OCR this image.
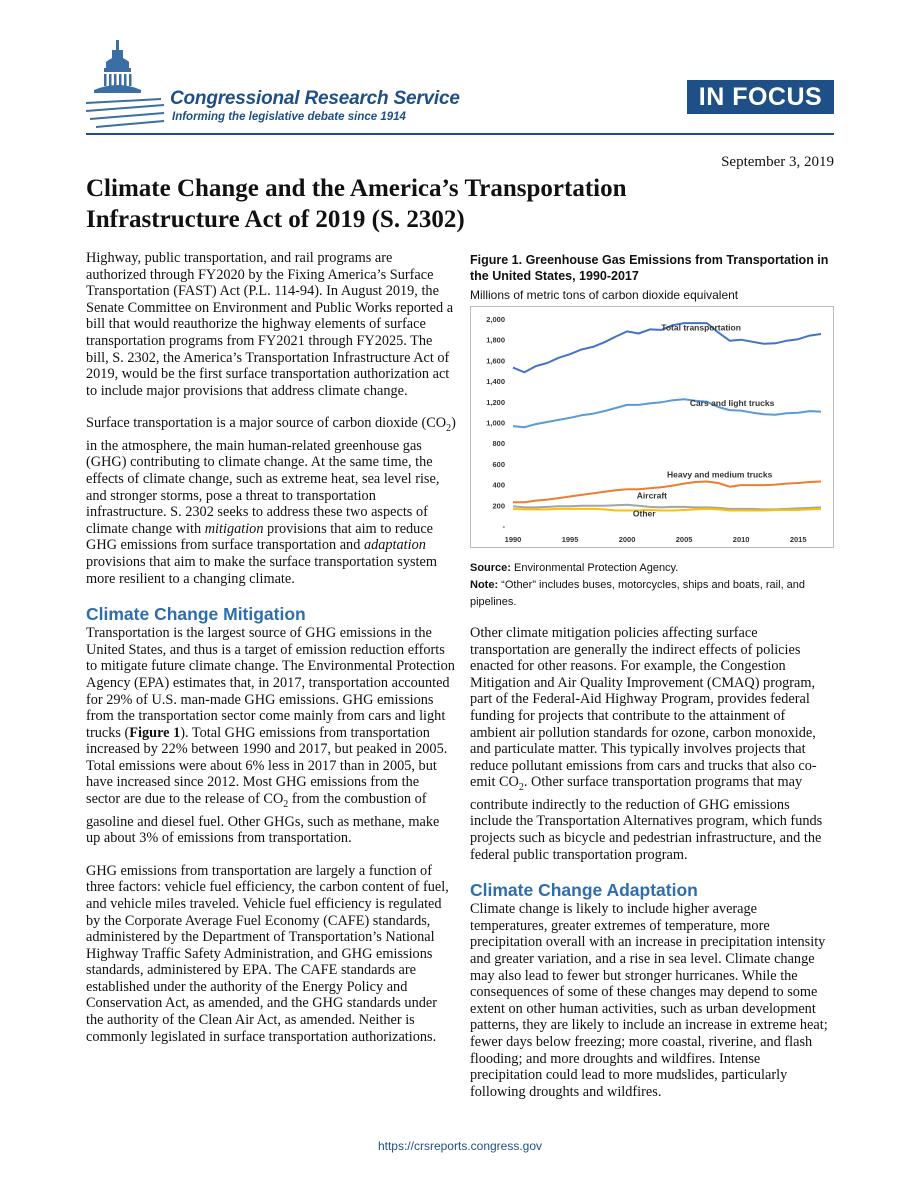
Congressional Research Service
Informing the legislative debate since 1914
IN FOCUS
September 3, 2019
Climate Change and the America’s Transportation Infrastructure Act of 2019 (S. 2302)

Highway, public transportation, and rail programs are authorized through FY2020 by the Fixing America’s Surface Transportation (FAST) Act (P.L. 114-94). In August 2019, the Senate Committee on Environment and Public Works reported a bill that would reauthorize the highway elements of surface transportation programs from FY2021 through FY2025. The bill, S. 2302, the America’s Transportation Infrastructure Act of 2019, would be the first surface transportation authorization act to include major provisions that address climate change.

Surface transportation is a major source of carbon dioxide $(CO_2)$ in the atmosphere, the main human-related greenhouse gas (GHG) contributing to climate change. At the same time, the effects of climate change, such as extreme heat, sea level rise, and stronger storms, pose a threat to transportation infrastructure. S. 2302 seeks to address these two aspects of climate change with mitigation provisions that aim to reduce GHG emissions from surface transportation and adaptation provisions that aim to make the surface transportation system more resilient to a changing climate.

Climate Change Mitigation

Transportation is the largest source of GHG emissions in the United States, and thus is a target of emission reduction efforts to mitigate future climate change. The Environmental Protection Agency (EPA) estimates that, in 2017, transportation accounted for 29% of U.S. man-made GHG emissions. GHG emissions from the transportation sector come mainly from cars and light trucks (Figure 1). Total GHG emissions from transportation increased by 22% between 1990 and 2017, but peaked in 2005. Total emissions were about 6% less in 2017 than in 2005, but have increased since 2012. Most GHG emissions from the sector are due to the release of $CO_2$ from the combustion of gasoline and diesel fuel. Other GHGs, such as methane, make up about 3% of emissions from transportation.

GHG emissions from transportation are largely a function of three factors: vehicle fuel efficiency, the carbon content of fuel, and vehicle miles traveled. Vehicle fuel efficiency is regulated by the Corporate Average Fuel Economy (CAFE) standards, administered by the Department of Transportation’s National Highway Traffic Safety Administration, and GHG emissions standards, administered by EPA. The CAFE standards are established under the authority of the Energy Policy and Conservation Act, as amended, and the GHG standards under the authority of the Clean Air Act, as amended. Neither is commonly legislated in surface transportation authorizations.

Figure 1. Greenhouse Gas Emissions from Transportation in the United States, 1990-2017
Millions of metric tons of carbon dioxide equivalent
2,000
1,800
1,600
1,400
1,200
1,000
800
600
400
200
-
1990	1995	2000	2005	2010	2015
Total transportation
Cars and light trucks
Heavy and medium trucks
Aircraft
Other
Source: Environmental Protection Agency.
Note: “Other” includes buses, motorcycles, ships and boats, rail, and pipelines.

Other climate mitigation policies affecting surface transportation are generally the indirect effects of policies enacted for other reasons. For example, the Congestion Mitigation and Air Quality Improvement (CMAQ) program, part of the Federal-Aid Highway Program, provides federal funding for projects that contribute to the attainment of ambient air pollution standards for ozone, carbon monoxide, and particulate matter. This typically involves projects that reduce pollutant emissions from cars and trucks that also co-emit $CO_2$. Other surface transportation programs that may contribute indirectly to the reduction of GHG emissions include the Transportation Alternatives program, which funds projects such as bicycle and pedestrian infrastructure, and the federal public transportation program.

Climate Change Adaptation

Climate change is likely to include higher average temperatures, greater extremes of temperature, more precipitation overall with an increase in precipitation intensity and greater variation, and a rise in sea level. Climate change may also lead to fewer but stronger hurricanes. While the consequences of some of these changes may depend to some extent on other human activities, such as urban development patterns, they are likely to include an increase in extreme heat; fewer days below freezing; more coastal, riverine, and flash flooding; and more droughts and wildfires. Intense precipitation could lead to more mudslides, particularly following droughts and wildfires.

https://crsreports.congress.gov
